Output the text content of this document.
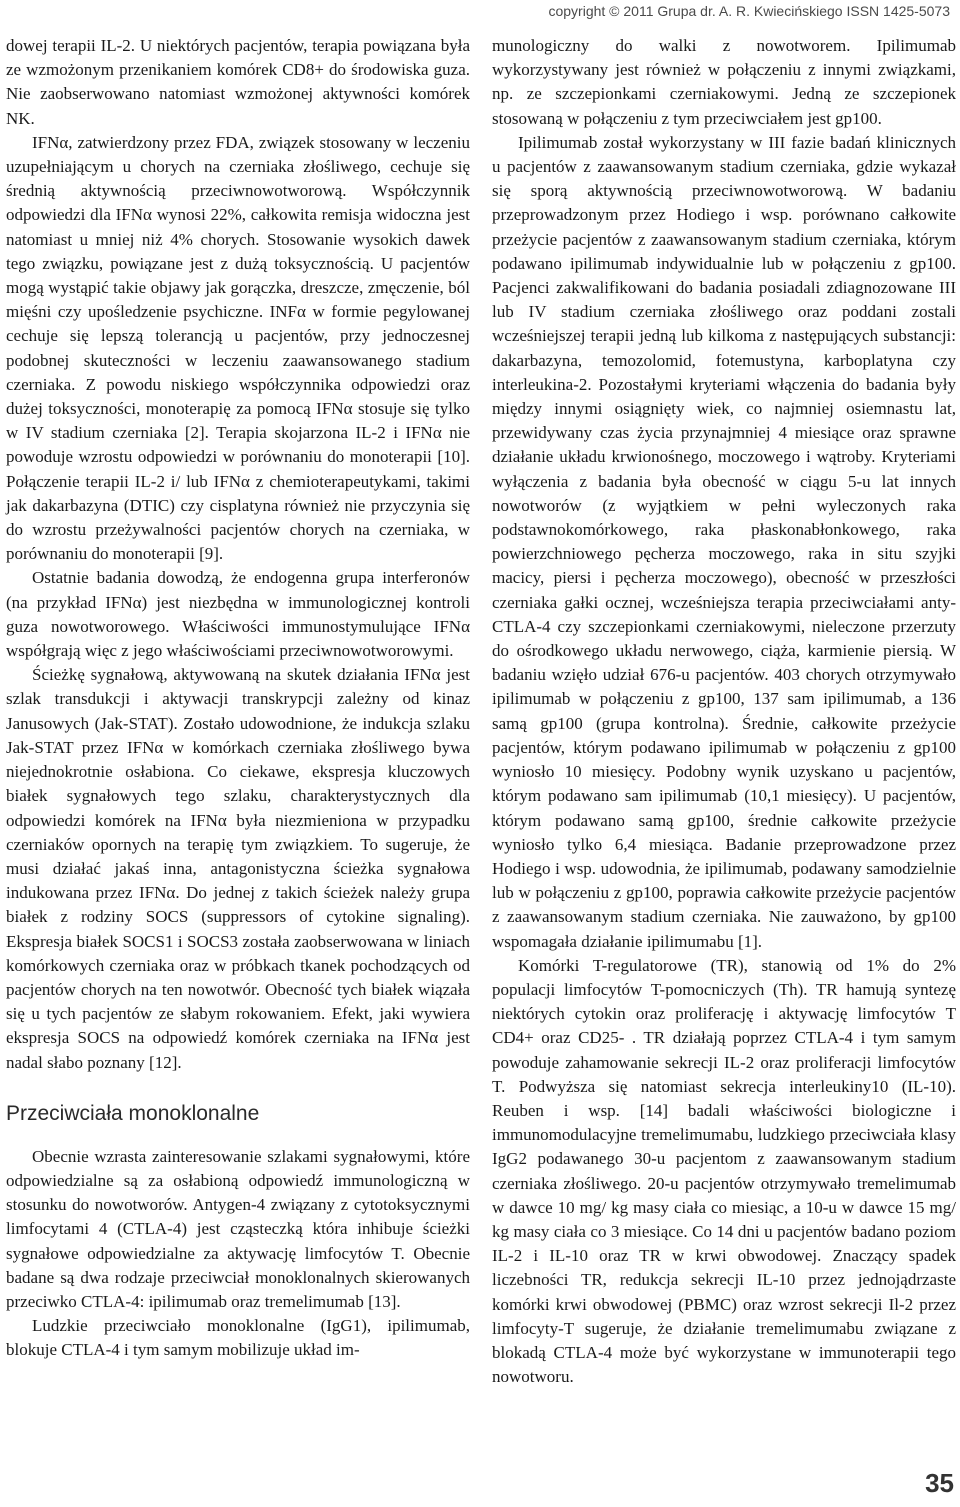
copyright © 2011 Grupa dr. A. R. Kwiecińskiego ISSN 1425-5073

dowej terapii IL-2. U niektórych pacjentów, terapia powiązana była ze wzmożonym przenikaniem komórek CD8+ do środowiska guza. Nie zaobserwowano natomiast wzmożonej aktywności komórek NK.

IFNα, zatwierdzony przez FDA, związek stosowany w leczeniu uzupełniającym u chorych na czerniaka złośliwego, cechuje się średnią aktywnością przeciwnowotworową. Współczynnik odpowiedzi dla IFNα wynosi 22%, całkowita remisja widoczna jest natomiast u mniej niż 4% chorych. Stosowanie wysokich dawek tego związku, powiązane jest z dużą toksycznością. U pacjentów mogą wystąpić takie objawy jak gorączka, dreszcze, zmęczenie, ból mięśni czy upośledzenie psychiczne. INFα w formie pegylowanej cechuje się lepszą tolerancją u pacjentów, przy jednoczesnej podobnej skuteczności w leczeniu zaawansowanego stadium czerniaka. Z powodu niskiego współczynnika odpowiedzi oraz dużej toksyczności, monoterapię za pomocą IFNα stosuje się tylko w IV stadium czerniaka [2]. Terapia skojarzona IL-2 i IFNα nie powoduje wzrostu odpowiedzi w porównaniu do monoterapii [10]. Połączenie terapii IL-2 i/ lub IFNα z chemioterapeutykami, takimi jak dakarbazyna (DTIC) czy cisplatyna również nie przyczynia się do wzrostu przeżywalności pacjentów chorych na czerniaka, w porównaniu do monoterapii [9].

Ostatnie badania dowodzą, że endogenna grupa interferonów (na przykład IFNα) jest niezbędna w immunologicznej kontroli guza nowotworowego. Właściwości immunostymulujące IFNα współgrają więc z jego właściwościami przeciwnowotworowymi.

Ścieżkę sygnałową, aktywowaną na skutek działania IFNα jest szlak transdukcji i aktywacji transkrypcji zależny od kinaz Janusowych (Jak-STAT). Zostało udowodnione, że indukcja szlaku Jak-STAT przez IFNα w komórkach czerniaka złośliwego bywa niejednokrotnie osłabiona. Co ciekawe, ekspresja kluczowych białek sygnałowych tego szlaku, charakterystycznych dla odpowiedzi komórek na IFNα była niezmieniona w przypadku czerniaków opornych na terapię tym związkiem. To sugeruje, że musi działać jakaś inna, antagonistyczna ścieżka sygnałowa indukowana przez IFNα. Do jednej z takich ścieżek należy grupa białek z rodziny SOCS (suppressors of cytokine signaling). Ekspresja białek SOCS1 i SOCS3 została zaobserwowana w liniach komórkowych czerniaka oraz w próbkach tkanek pochodzących od pacjentów chorych na ten nowotwór. Obecność tych białek wiązała się u tych pacjentów ze słabym rokowaniem. Efekt, jaki wywiera ekspresja SOCS na odpowiedź komórek czerniaka na IFNα jest nadal słabo poznany [12].

Przeciwciała monoklonalne

Obecnie wzrasta zainteresowanie szlakami sygnałowymi, które odpowiedzialne są za osłabioną odpowiedź immunologiczną w stosunku do nowotworów. Antygen-4 związany z cytotoksycznymi limfocytami 4 (CTLA-4) jest cząsteczką która inhibuje ścieżki sygnałowe odpowiedzialne za aktywację limfocytów T. Obecnie badane są dwa rodzaje przeciwciał monoklonalnych skierowanych przeciwko CTLA-4: ipilimumab oraz tremelimumab [13].

Ludzkie przeciwciało monoklonalne (IgG1), ipilimumab, blokuje CTLA-4 i tym samym mobilizuje układ im-

munologiczny do walki z nowotworem. Ipilimumab wykorzystywany jest również w połączeniu z innymi związkami, np. ze szczepionkami czerniakowymi. Jedną ze szczepionek stosowaną w połączeniu z tym przeciwciałem jest gp100.

Ipilimumab został wykorzystany w III fazie badań klinicznych u pacjentów z zaawansowanym stadium czerniaka, gdzie wykazał się sporą aktywnością przeciwnowotworową. W badaniu przeprowadzonym przez Hodiego i wsp. porównano całkowite przeżycie pacjentów z zaawansowanym stadium czerniaka, którym podawano ipilimumab indywidualnie lub w połączeniu z gp100. Pacjenci zakwalifikowani do badania posiadali zdiagnozowane III lub IV stadium czerniaka złośliwego oraz poddani zostali wcześniejszej terapii jedną lub kilkoma z następujących substancji: dakarbazyna, temozolomid, fotemustyna, karboplatyna czy interleukina-2. Pozostałymi kryteriami włączenia do badania były między innymi osiągnięty wiek, co najmniej osiemnastu lat, przewidywany czas życia przynajmniej 4 miesiące oraz sprawne działanie układu krwionośnego, moczowego i wątroby. Kryteriami wyłączenia z badania była obecność w ciągu 5-u lat innych nowotworów (z wyjątkiem w pełni wyleczonych raka podstawnokomórkowego, raka płaskonabłonkowego, raka powierzchniowego pęcherza moczowego, raka in situ szyjki macicy, piersi i pęcherza moczowego), obecność w przeszłości czerniaka gałki ocznej, wcześniejsza terapia przeciwciałami anty-CTLA-4 czy szczepionkami czerniakowymi, nieleczone przerzuty do ośrodkowego układu nerwowego, ciąża, karmienie piersią. W badaniu wzięło udział 676-u pacjentów. 403 chorych otrzymywało ipilimumab w połączeniu z gp100, 137 sam ipilimumab, a 136 samą gp100 (grupa kontrolna). Średnie, całkowite przeżycie pacjentów, którym podawano ipilimumab w połączeniu z gp100 wyniosło 10 miesięcy. Podobny wynik uzyskano u pacjentów, którym podawano sam ipilimumab (10,1 miesięcy). U pacjentów, którym podawano samą gp100, średnie całkowite przeżycie wyniosło tylko 6,4 miesiąca. Badanie przeprowadzone przez Hodiego i wsp. udowodnia, że ipilimumab, podawany samodzielnie lub w połączeniu z gp100, poprawia całkowite przeżycie pacjentów z zaawansowanym stadium czerniaka. Nie zauważono, by gp100 wspomagała działanie ipilimumabu [1].

Komórki T-regulatorowe (TR), stanowią od 1% do 2% populacji limfocytów T-pomocniczych (Th). TR hamują syntezę niektórych cytokin oraz proliferację i aktywację limfocytów T CD4+ oraz CD25- . TR działają poprzez CTLA-4 i tym samym powoduje zahamowanie sekrecji IL-2 oraz proliferacji limfocytów T. Podwyższa się natomiast sekrecja interleukiny10 (IL-10). Reuben i wsp. [14] badali właściwości biologiczne i immunomodulacyjne tremelimumabu, ludzkiego przeciwciała klasy IgG2 podawanego 30-u pacjentom z zaawansowanym stadium czerniaka złośliwego. 20-u pacjentów otrzymywało tremelimumab w dawce 10 mg/ kg masy ciała co miesiąc, a 10-u w dawce 15 mg/ kg masy ciała co 3 miesiące. Co 14 dni u pacjentów badano poziom IL-2 i IL-10 oraz TR w krwi obwodowej. Znaczący spadek liczebności TR, redukcja sekrecji IL-10 przez jednojądrzaste komórki krwi obwodowej (PBMC) oraz wzrost sekrecji Il-2 przez limfocyty-T sugeruje, że działanie tremelimumabu związane z blokadą CTLA-4 może być wykorzystane w immunoterapii tego nowotworu.

35
